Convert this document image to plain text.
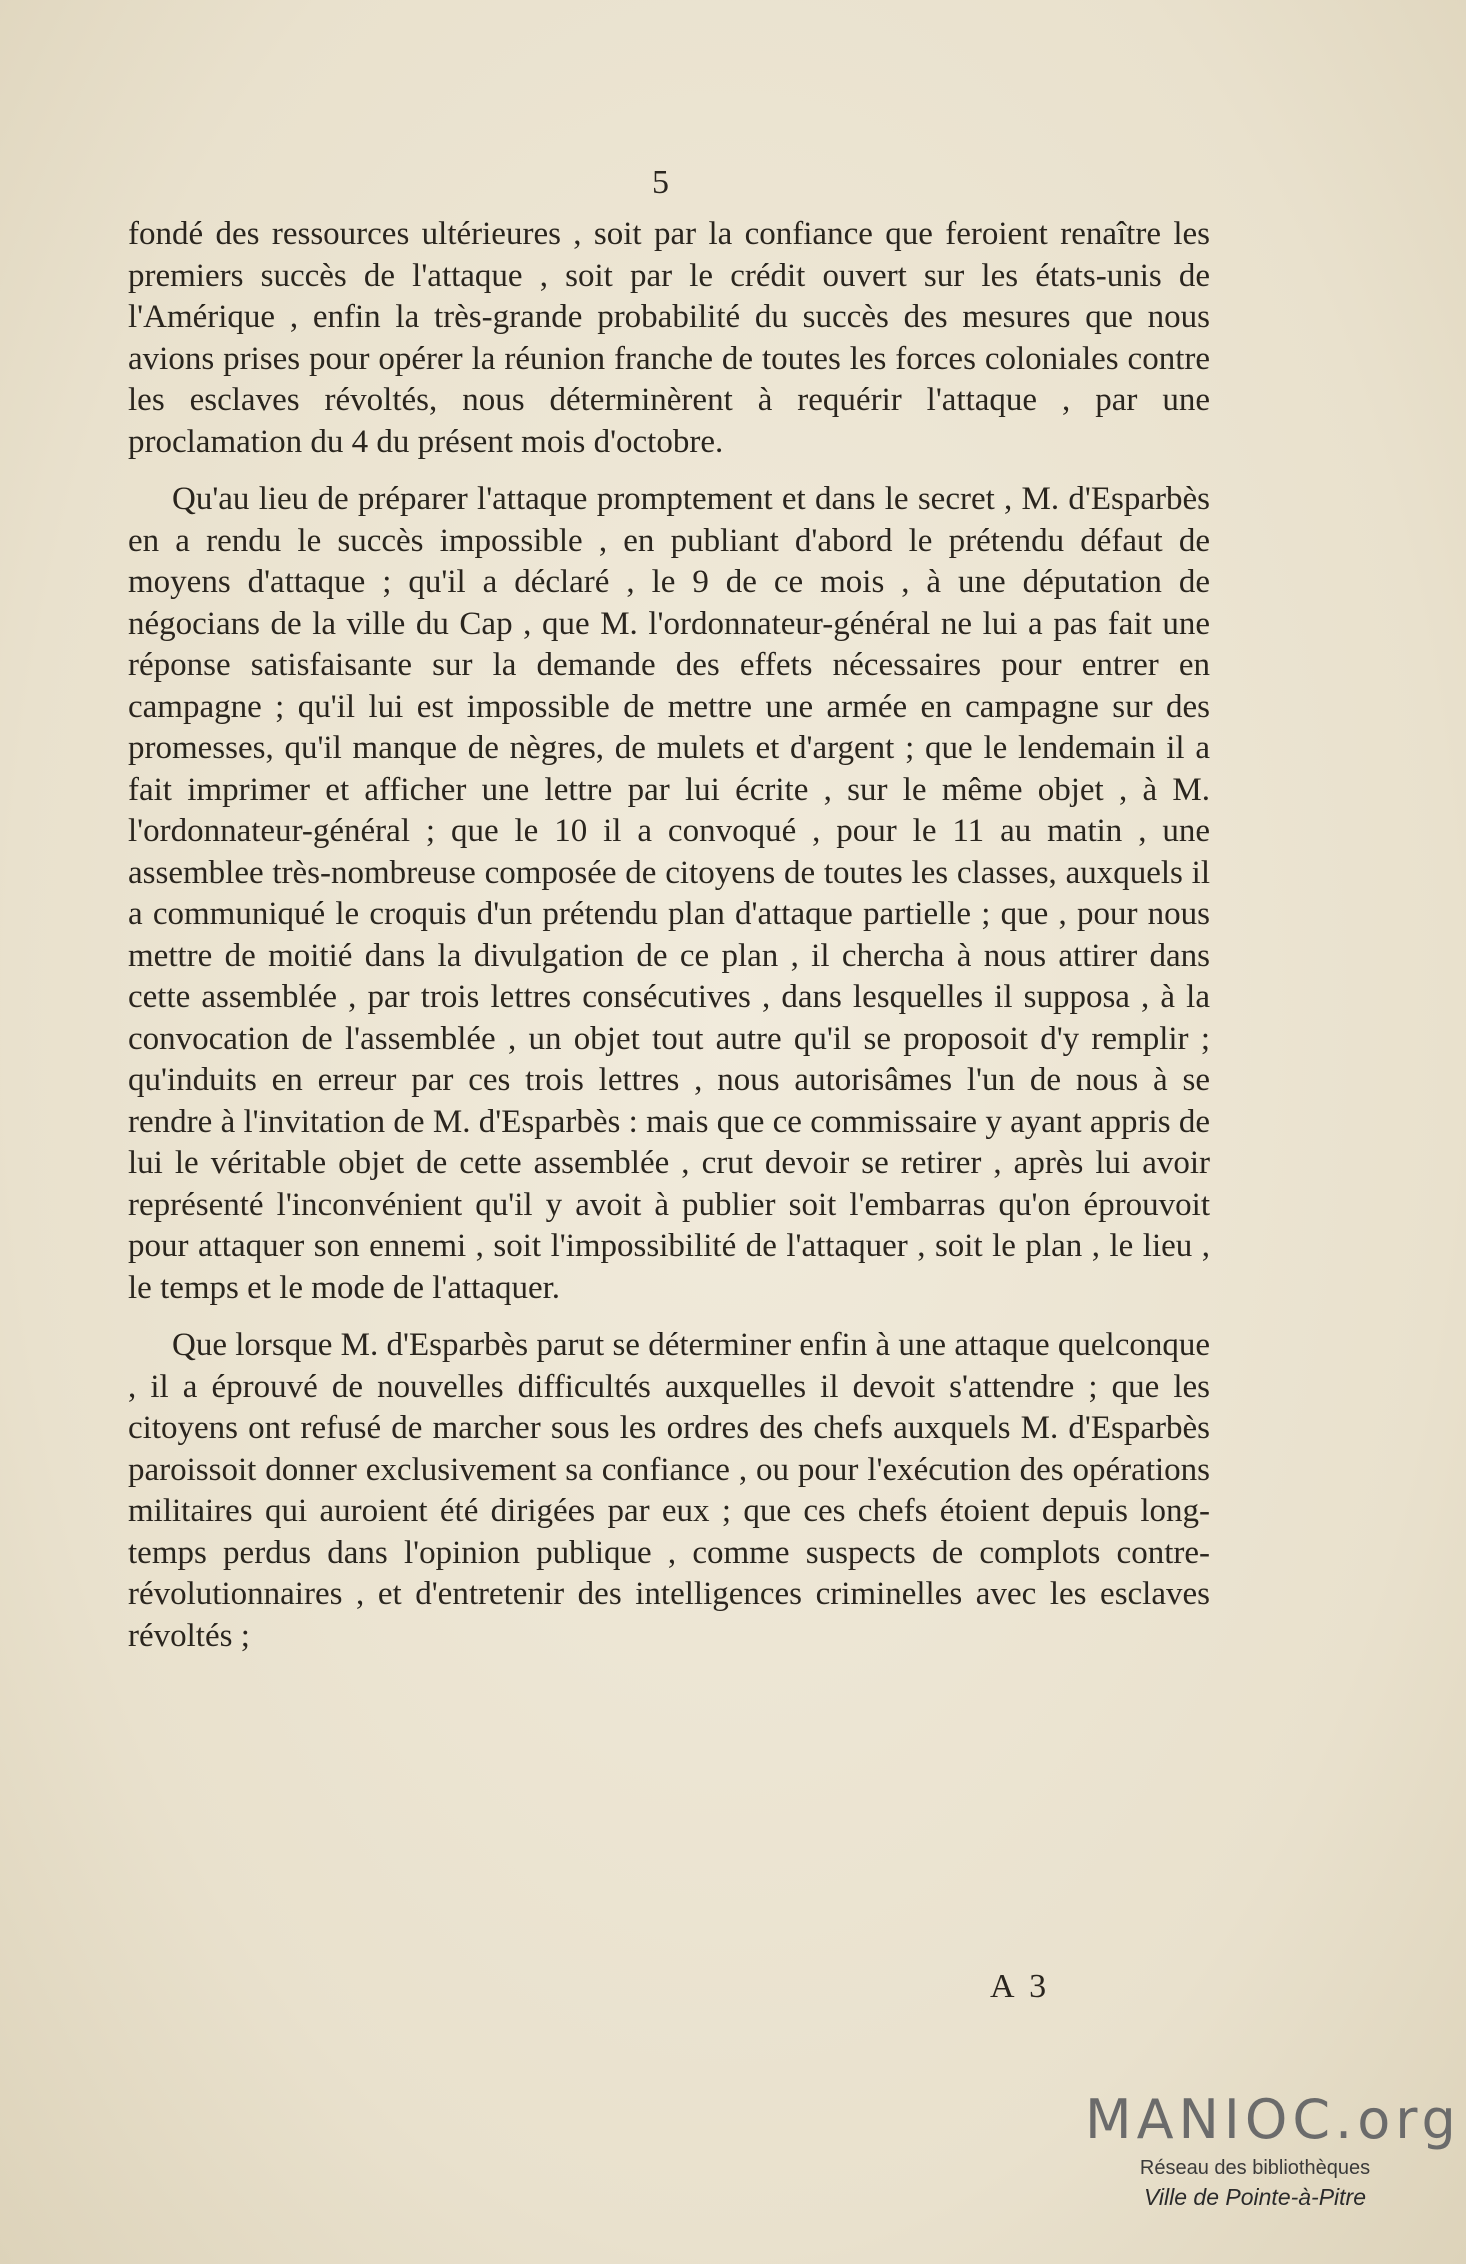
5

fondé des ressources ultérieures , soit par la confiance que feroient renaître les premiers succès de l'attaque , soit par le crédit ouvert sur les états-unis de l'Amérique , enfin la très-grande probabilité du succès des mesures que nous avions prises pour opérer la réunion franche de toutes les forces coloniales contre les esclaves révoltés, nous déterminèrent à requérir l'attaque , par une proclamation du 4 du présent mois d'octobre.

Qu'au lieu de préparer l'attaque promptement et dans le secret , M. d'Esparbès en a rendu le succès impossible , en publiant d'abord le prétendu défaut de moyens d'attaque ; qu'il a déclaré , le 9 de ce mois , à une députation de négocians de la ville du Cap , que M. l'ordonnateur-général ne lui a pas fait une réponse satisfaisante sur la demande des effets nécessaires pour entrer en campagne ; qu'il lui est impossible de mettre une armée en campagne sur des promesses, qu'il manque de nègres, de mulets et d'argent ; que le lendemain il a fait imprimer et afficher une lettre par lui écrite , sur le même objet , à M. l'ordonnateur-général ; que le 10 il a convoqué , pour le 11 au matin , une assemblee très-nombreuse composée de citoyens de toutes les classes, auxquels il a communiqué le croquis d'un prétendu plan d'attaque partielle ; que , pour nous mettre de moitié dans la divulgation de ce plan , il chercha à nous attirer dans cette assemblée , par trois lettres consécutives , dans lesquelles il supposa , à la convocation de l'assemblée , un objet tout autre qu'il se proposoit d'y remplir ; qu'induits en erreur par ces trois lettres , nous autorisâmes l'un de nous à se rendre à l'invitation de M. d'Esparbès : mais que ce commissaire y ayant appris de lui le véritable objet de cette assemblée , crut devoir se retirer , après lui avoir représenté l'inconvénient qu'il y avoit à publier soit l'embarras qu'on éprouvoit pour attaquer son ennemi , soit l'impossibilité de l'attaquer , soit le plan , le lieu , le temps et le mode de l'attaquer.

Que lorsque M. d'Esparbès parut se déterminer enfin à une attaque quelconque , il a éprouvé de nouvelles difficultés auxquelles il devoit s'attendre ; que les citoyens ont refusé de marcher sous les ordres des chefs auxquels M. d'Esparbès paroissoit donner exclusivement sa confiance , ou pour l'exécution des opérations militaires qui auroient été dirigées par eux ; que ces chefs étoient depuis long-temps perdus dans l'opinion publique , comme suspects de complots contre-révolutionnaires , et d'entretenir des intelligences criminelles avec les esclaves révoltés ;

A 3
MANIOC.org
Réseau des bibliothèques
Ville de Pointe-à-Pitre
